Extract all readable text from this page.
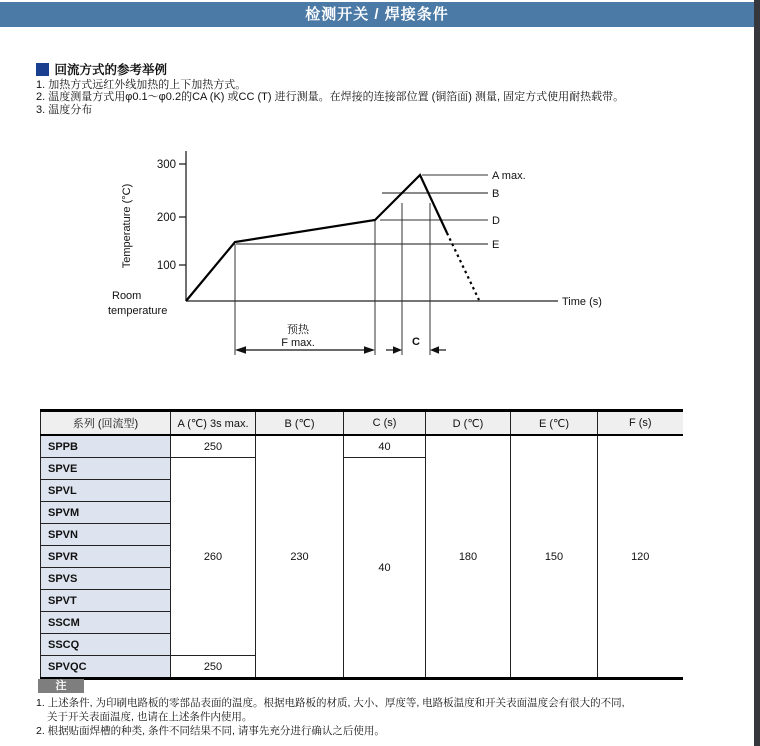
检测开关 / 焊接条件
回流方式的参考举例
1. 加热方式远红外线加热的上下加热方式。
2. 温度测量方式用φ0.1～φ0.2的CA (K) 或CC (T) 进行测量。在焊接的连接部位置 (铜箔面) 测量, 固定方式使用耐热载带。
3. 温度分布
300
200
100
Temperature (°C)
Room
temperature
Time (s)
A max.
B
D
E
预热
F max.	C
系列 (回流型)	A (℃) 3s max.	B (℃)	C (s)	D (℃)	E (℃)	F (s)
SPPB	250	230	40	180	150	120
SPVE	260		40			
SPVL						
SPVM						
SPVN						
SPVR						
SPVS						
SPVT						
SSCM						
SSCQ						
SPVQC	250					
注
1. 上述条件, 为印刷电路板的零部品表面的温度。根据电路板的材质, 大小、厚度等, 电路板温度和开关表面温度会有很大的不同,
关于开关表面温度, 也请在上述条件内使用。
2. 根据贴面焊槽的种类, 条件不同结果不同, 请事先充分进行确认之后使用。
